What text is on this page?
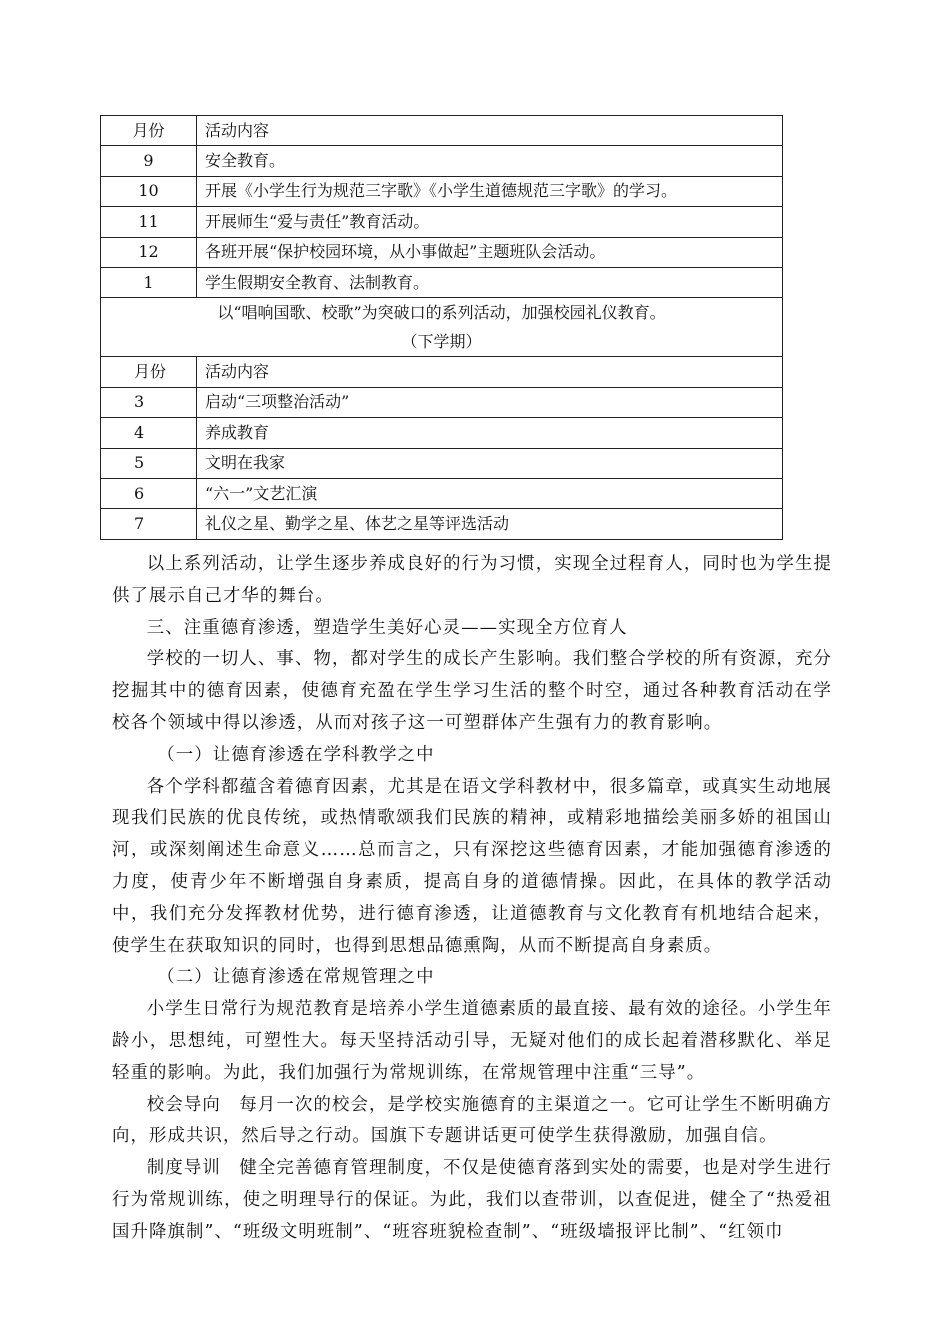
月份	活动内容
9	安全教育。
10	开展《小学生行为规范三字歌》《小学生道德规范三字歌》的学习。
11	开展师生“爱与责任”教育活动。
12	各班开展“保护校园环境，从小事做起”主题班队会活动。
1	学生假期安全教育、法制教育。

以“唱响国歌、校歌”为突破口的系列活动，加强校园礼仪教育。
（下学期）	

月份	活动内容
3	启动“三项整治活动”
4	养成教育
5	文明在我家
6	“六一”文艺汇演
7	礼仪之星、勤学之星、体艺之星等评选活动

以上系列活动，让学生逐步养成良好的行为习惯，实现全过程育人，同时也为学生提供了展示自己才华的舞台。

三、注重德育渗透，塑造学生美好心灵——实现全方位育人

学校的一切人、事、物，都对学生的成长产生影响。我们整合学校的所有资源，充分挖掘其中的德育因素，使德育充盈在学生学习生活的整个时空，通过各种教育活动在学校各个领域中得以渗透，从而对孩子这一可塑群体产生强有力的教育影响。

（一）让德育渗透在学科教学之中

各个学科都蕴含着德育因素，尤其是在语文学科教材中，很多篇章，或真实生动地展现我们民族的优良传统，或热情歌颂我们民族的精神，或精彩地描绘美丽多娇的祖国山河，或深刻阐述生命意义……总而言之，只有深挖这些德育因素，才能加强德育渗透的力度，使青少年不断增强自身素质，提高自身的道德情操。因此，在具体的教学活动中，我们充分发挥教材优势，进行德育渗透，让道德教育与文化教育有机地结合起来，使学生在获取知识的同时，也得到思想品德熏陶，从而不断提高自身素质。

（二）让德育渗透在常规管理之中

小学生日常行为规范教育是培养小学生道德素质的最直接、最有效的途径。小学生年龄小，思想纯，可塑性大。每天坚持活动引导，无疑对他们的成长起着潜移默化、举足轻重的影响。为此，我们加强行为常规训练，在常规管理中注重“三导”。

校会导向　每月一次的校会，是学校实施德育的主渠道之一。它可让学生不断明确方向，形成共识，然后导之行动。国旗下专题讲话更可使学生获得激励，加强自信。

制度导训　健全完善德育管理制度，不仅是使德育落到实处的需要，也是对学生进行行为常规训练，使之明理导行的保证。为此，我们以查带训，以查促进，健全了“热爱祖国升降旗制”、“班级文明班制”、“班容班貌检查制”、“班级墙报评比制”、“红领巾
